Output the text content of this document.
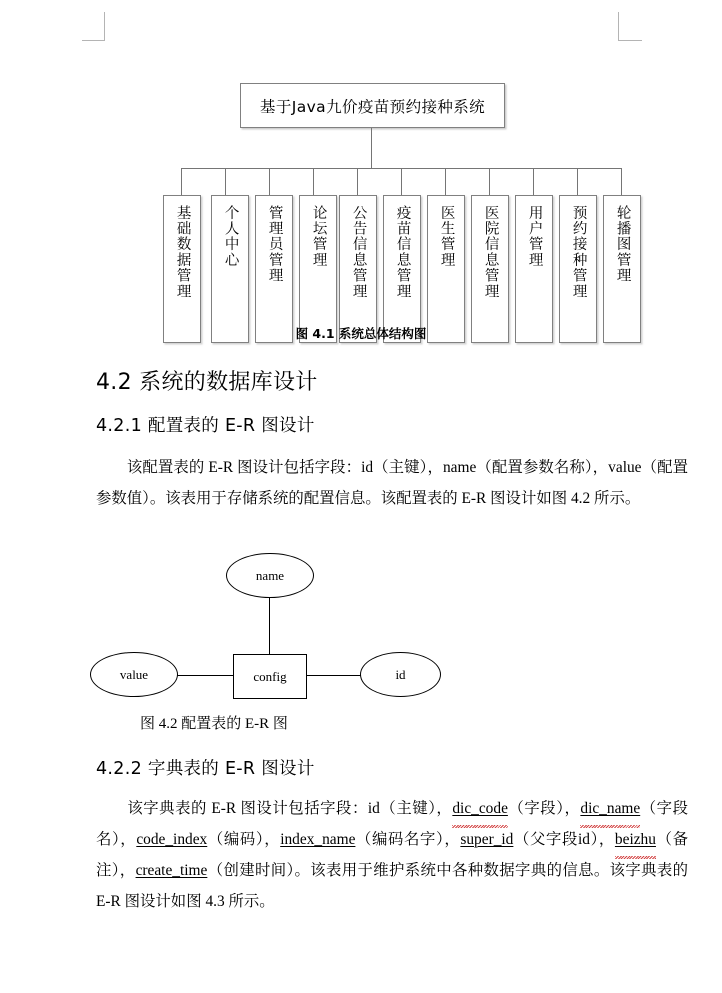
基于Java九价疫苗预约接种系统
基础数据管理 个人中心 管理员管理 论坛管理 公告信息管理 疫苗信息管理 医生管理 医院信息管理 用户管理 预约接种管理 轮播图管理
图 4.1 系统总体结构图
4.2 系统的数据库设计
4.2.1 配置表的 E-R 图设计
该配置表的 E-R 图设计包括字段：id（主键），name（配置参数名称），value（配置参数值）。该表用于存储系统的配置信息。该配置表的 E-R 图设计如图 4.2 所示。
name
value	id
config
图 4.2 配置表的 E-R 图
4.2.2 字典表的 E-R 图设计
该字典表的 E-R 图设计包括字段：id（主键），dic_code（字段），dic_name（字段名），code_index（编码），index_name（编码名字），super_id（父字段id），beizhu（备注），create_time（创建时间）。该表用于维护系统中各种数据字典的信息。该字典表的 E-R 图设计如图 4.3 所示。
